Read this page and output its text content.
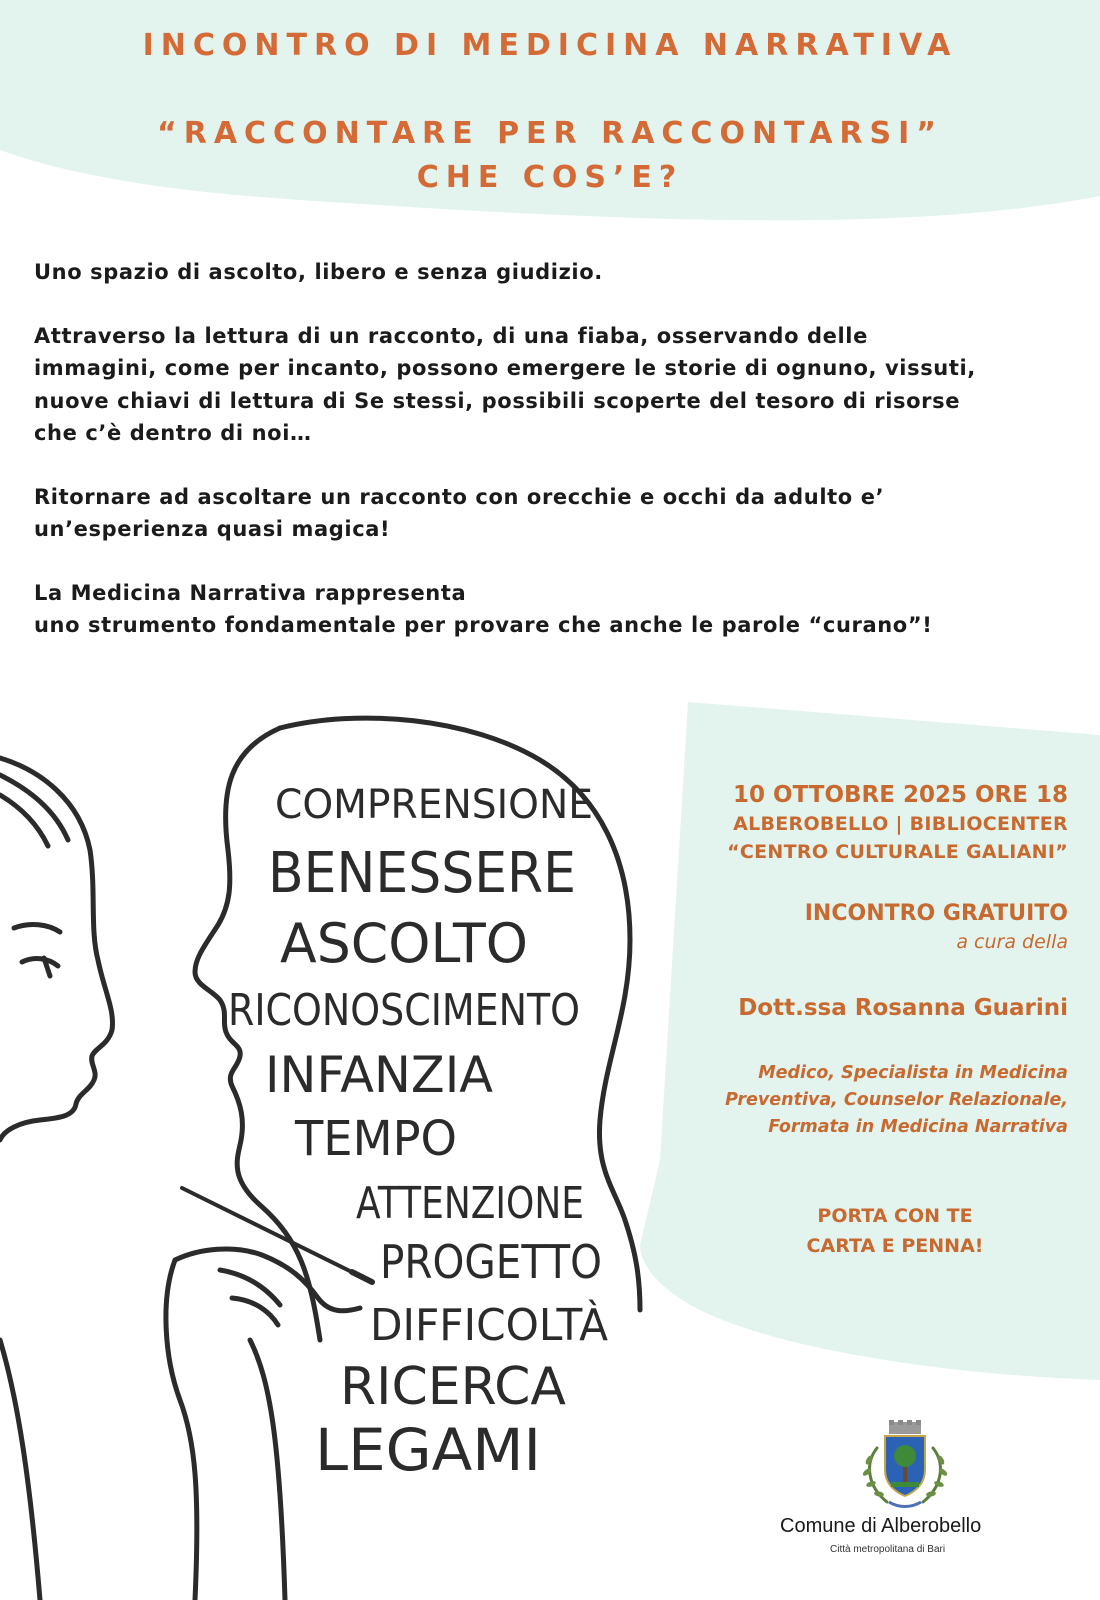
INCONTRO DI MEDICINA NARRATIVA
“RACCONTARE PER RACCONTARSI”
CHE COS’E?

Uno spazio di ascolto, libero e senza giudizio.

Attraverso la lettura di un racconto, di una fiaba, osservando delle
immagini, come per incanto, possono emergere le storie di ognuno, vissuti,
nuove chiavi di lettura di Se stessi, possibili scoperte del tesoro di risorse
che c’è dentro di noi…

Ritornare ad ascoltare un racconto con orecchie e occhi da adulto e’
un’esperienza quasi magica!

La Medicina Narrativa rappresenta
uno strumento fondamentale per provare che anche le parole “curano”!

COMPRENSIONE
BENESSERE
ASCOLTO
RICONOSCIMENTO
INFANZIA
TEMPO
ATTENZIONE
PROGETTO
DIFFICOLTÀ
RICERCA
LEGAMI
10 OTTOBRE 2025 ORE 18
ALBEROBELLO | BIBLIOCENTER
“CENTRO CULTURALE GALIANI”
INCONTRO GRATUITO
a cura della
Dott.ssa Rosanna Guarini
Medico, Specialista in Medicina
Preventiva, Counselor Relazionale,
Formata in Medicina Narrativa
PORTA CON TE
CARTA E PENNA!
Comune di Alberobello
Città metropolitana di Bari
